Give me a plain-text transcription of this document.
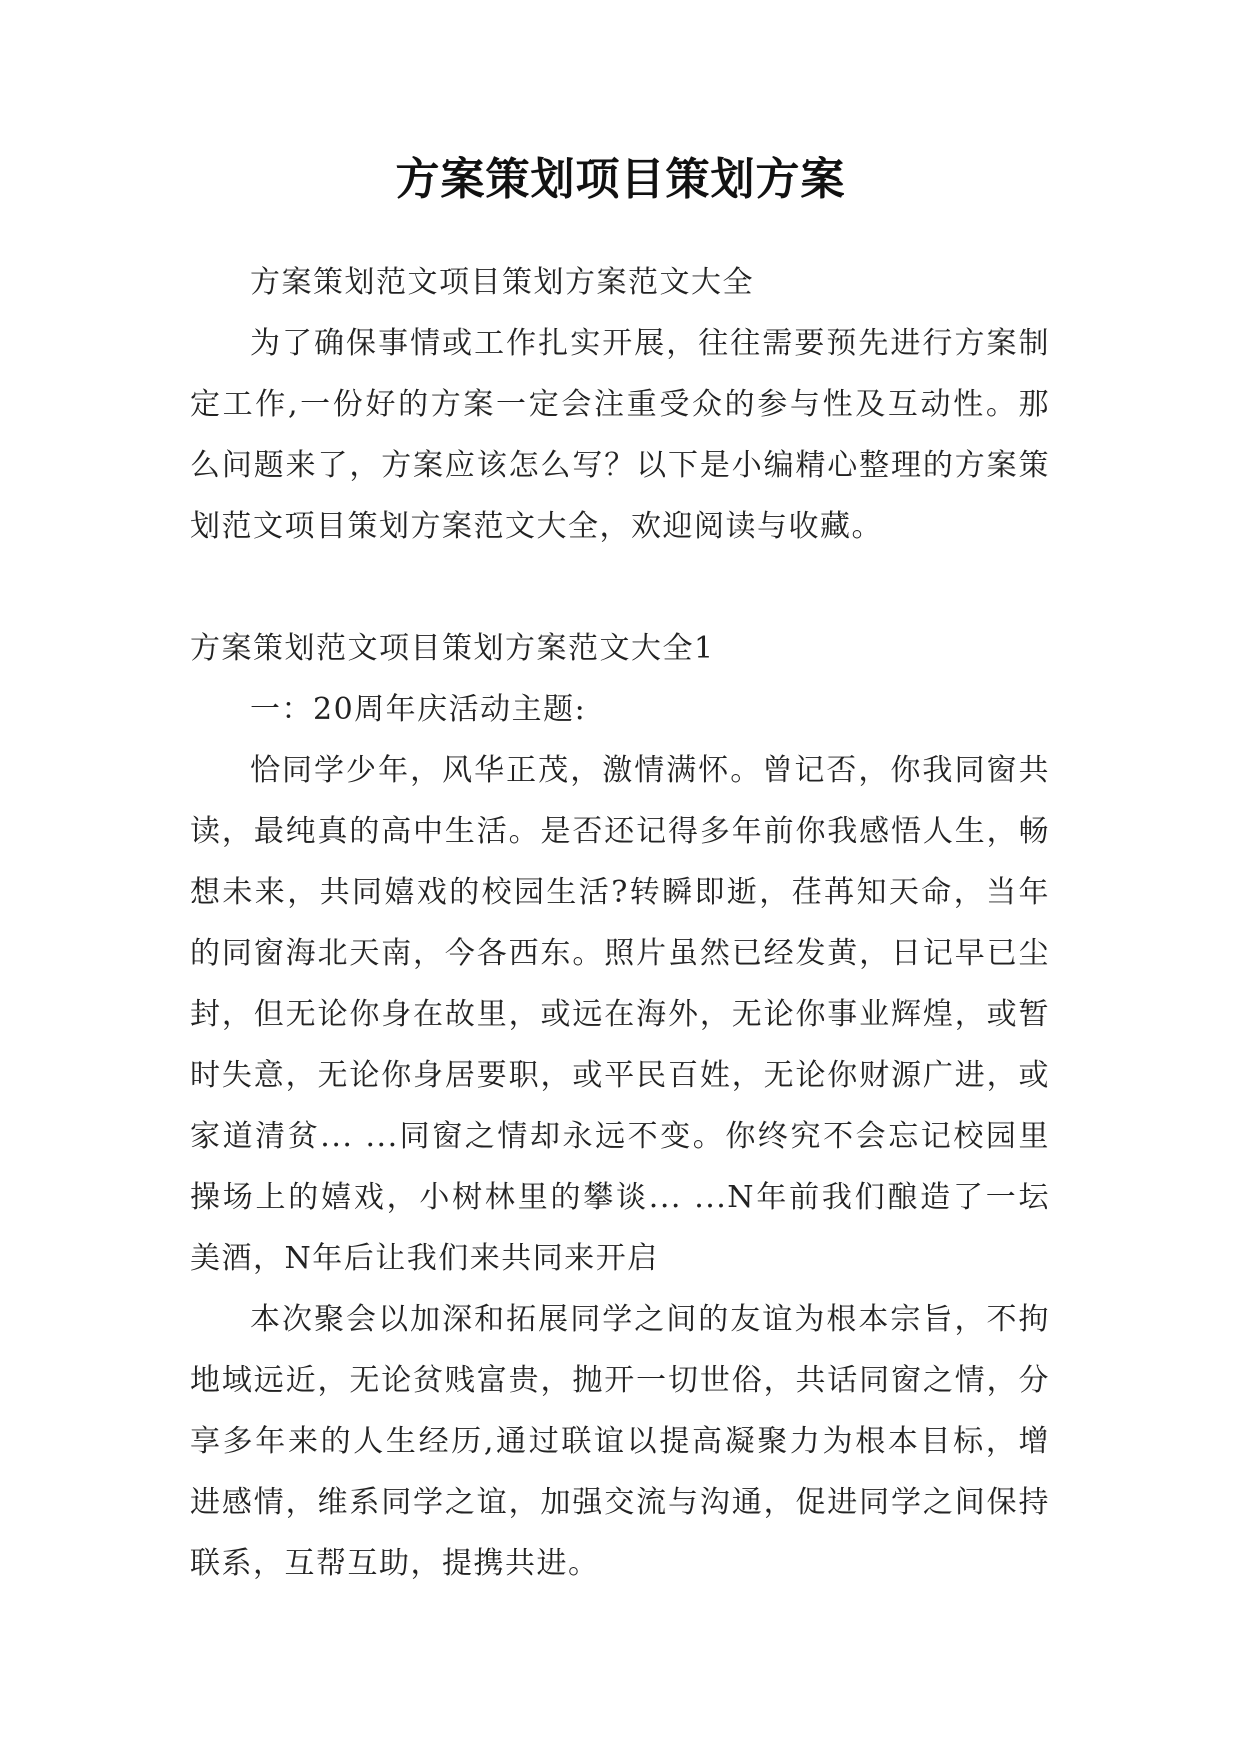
方案策划项目策划方案

方案策划范文项目策划方案范文大全

为了确保事情或工作扎实开展，往往需要预先进行方案制定工作,一份好的方案一定会注重受众的参与性及互动性。那么问题来了，方案应该怎么写？以下是小编精心整理的方案策划范文项目策划方案范文大全，欢迎阅读与收藏。

方案策划范文项目策划方案范文大全1

一：20周年庆活动主题:

恰同学少年，风华正茂，激情满怀。曾记否，你我同窗共读，最纯真的高中生活。是否还记得多年前你我感悟人生，畅想未来，共同嬉戏的校园生活?转瞬即逝，荏苒知天命，当年的同窗海北天南，今各西东。照片虽然已经发黄，日记早已尘封，但无论你身在故里，或远在海外，无论你事业辉煌，或暂时失意，无论你身居要职，或平民百姓，无论你财源广进，或家道清贫... ...同窗之情却永远不变。你终究不会忘记校园里操场上的嬉戏，小树林里的攀谈... ...N年前我们酿造了一坛美酒，N年后让我们来共同来开启

本次聚会以加深和拓展同学之间的友谊为根本宗旨，不拘地域远近，无论贫贱富贵，抛开一切世俗，共话同窗之情，分享多年来的人生经历,通过联谊以提高凝聚力为根本目标，增进感情，维系同学之谊，加强交流与沟通，促进同学之间保持联系，互帮互助，提携共进。
